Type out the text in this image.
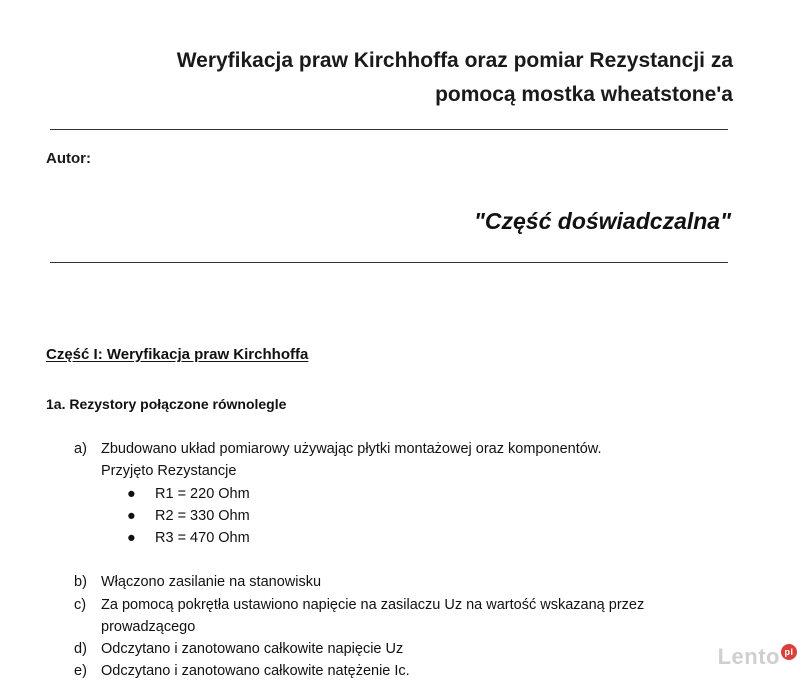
Weryfikacja praw Kirchhoffa oraz pomiar Rezystancji za
pomocą mostka wheatstone'a
Autor:
"Część doświadczalna"
Część I: Weryfikacja praw Kirchhoffa
1a. Rezystory połączone równolegle
a) Zbudowano układ pomiarowy używając płytki montażowej oraz komponentów.
Przyjęto Rezystancje
● R1 = 220 Ohm
● R2 = 330 Ohm
● R3 = 470 Ohm
b) Włączono zasilanie na stanowisku
c) Za pomocą pokrętła ustawiono napięcie na zasilaczu Uz na wartość wskazaną przez
prowadzącego
d) Odczytano i zanotowano całkowite napięcie Uz
e) Odczytano i zanotowano całkowite natężenie Ic.
Lento pl
